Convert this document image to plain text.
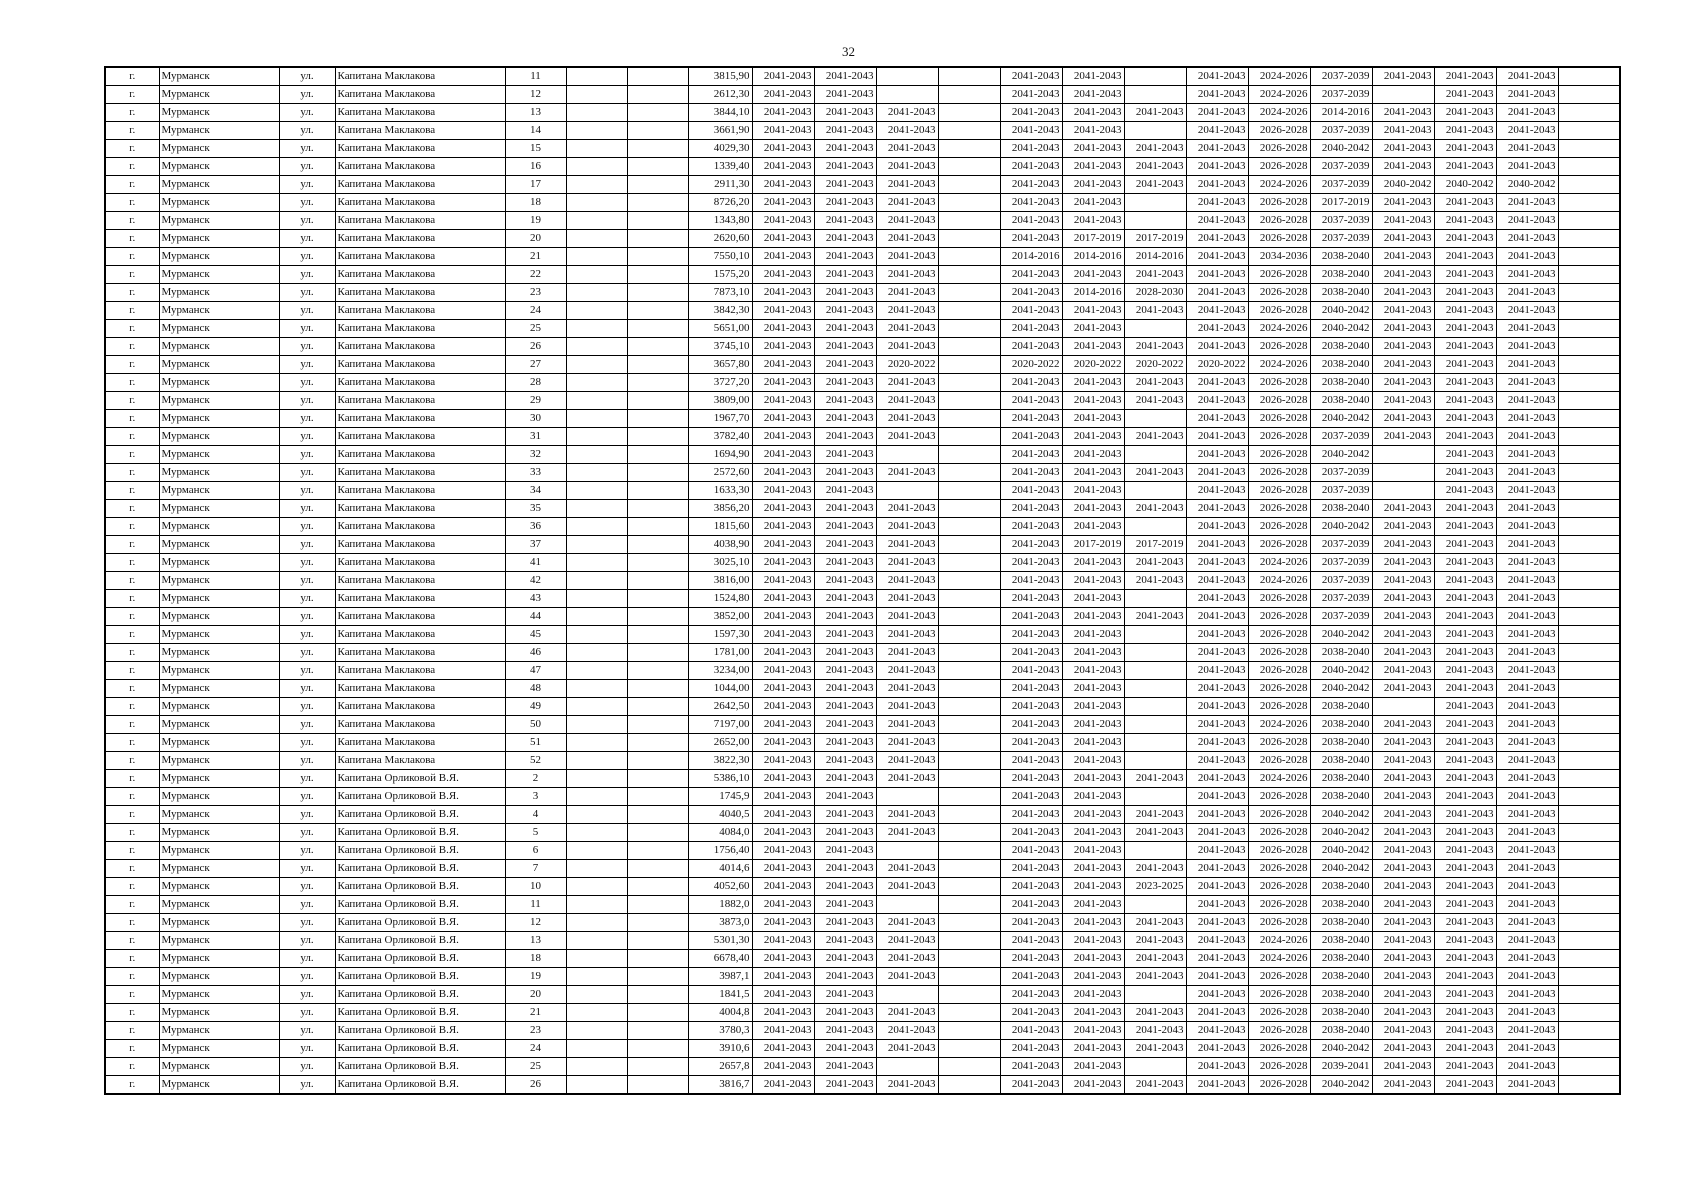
32
г.	Мурманск	ул.	Капитана Маклакова	11			3815,90	2041-2043	2041-2043			2041-2043	2041-2043		2041-2043	2024-2026	2037-2039	2041-2043	2041-2043	2041-2043	
г.	Мурманск	ул.	Капитана Маклакова	12			2612,30	2041-2043	2041-2043			2041-2043	2041-2043		2041-2043	2024-2026	2037-2039		2041-2043	2041-2043	
г.	Мурманск	ул.	Капитана Маклакова	13			3844,10	2041-2043	2041-2043	2041-2043		2041-2043	2041-2043	2041-2043	2041-2043	2024-2026	2014-2016	2041-2043	2041-2043	2041-2043	
г.	Мурманск	ул.	Капитана Маклакова	14			3661,90	2041-2043	2041-2043	2041-2043		2041-2043	2041-2043		2041-2043	2026-2028	2037-2039	2041-2043	2041-2043	2041-2043	
г.	Мурманск	ул.	Капитана Маклакова	15			4029,30	2041-2043	2041-2043	2041-2043		2041-2043	2041-2043	2041-2043	2041-2043	2026-2028	2040-2042	2041-2043	2041-2043	2041-2043	
г.	Мурманск	ул.	Капитана Маклакова	16			1339,40	2041-2043	2041-2043	2041-2043		2041-2043	2041-2043	2041-2043	2041-2043	2026-2028	2037-2039	2041-2043	2041-2043	2041-2043	
г.	Мурманск	ул.	Капитана Маклакова	17			2911,30	2041-2043	2041-2043	2041-2043		2041-2043	2041-2043	2041-2043	2041-2043	2024-2026	2037-2039	2040-2042	2040-2042	2040-2042	
г.	Мурманск	ул.	Капитана Маклакова	18			8726,20	2041-2043	2041-2043	2041-2043		2041-2043	2041-2043		2041-2043	2026-2028	2017-2019	2041-2043	2041-2043	2041-2043	
г.	Мурманск	ул.	Капитана Маклакова	19			1343,80	2041-2043	2041-2043	2041-2043		2041-2043	2041-2043		2041-2043	2026-2028	2037-2039	2041-2043	2041-2043	2041-2043	
г.	Мурманск	ул.	Капитана Маклакова	20			2620,60	2041-2043	2041-2043	2041-2043		2041-2043	2017-2019	2017-2019	2041-2043	2026-2028	2037-2039	2041-2043	2041-2043	2041-2043	
г.	Мурманск	ул.	Капитана Маклакова	21			7550,10	2041-2043	2041-2043	2041-2043		2014-2016	2014-2016	2014-2016	2041-2043	2034-2036	2038-2040	2041-2043	2041-2043	2041-2043	
г.	Мурманск	ул.	Капитана Маклакова	22			1575,20	2041-2043	2041-2043	2041-2043		2041-2043	2041-2043	2041-2043	2041-2043	2026-2028	2038-2040	2041-2043	2041-2043	2041-2043	
г.	Мурманск	ул.	Капитана Маклакова	23			7873,10	2041-2043	2041-2043	2041-2043		2041-2043	2014-2016	2028-2030	2041-2043	2026-2028	2038-2040	2041-2043	2041-2043	2041-2043	
г.	Мурманск	ул.	Капитана Маклакова	24			3842,30	2041-2043	2041-2043	2041-2043		2041-2043	2041-2043	2041-2043	2041-2043	2026-2028	2040-2042	2041-2043	2041-2043	2041-2043	
г.	Мурманск	ул.	Капитана Маклакова	25			5651,00	2041-2043	2041-2043	2041-2043		2041-2043	2041-2043		2041-2043	2024-2026	2040-2042	2041-2043	2041-2043	2041-2043	
г.	Мурманск	ул.	Капитана Маклакова	26			3745,10	2041-2043	2041-2043	2041-2043		2041-2043	2041-2043	2041-2043	2041-2043	2026-2028	2038-2040	2041-2043	2041-2043	2041-2043	
г.	Мурманск	ул.	Капитана Маклакова	27			3657,80	2041-2043	2041-2043	2020-2022		2020-2022	2020-2022	2020-2022	2020-2022	2024-2026	2038-2040	2041-2043	2041-2043	2041-2043	
г.	Мурманск	ул.	Капитана Маклакова	28			3727,20	2041-2043	2041-2043	2041-2043		2041-2043	2041-2043	2041-2043	2041-2043	2026-2028	2038-2040	2041-2043	2041-2043	2041-2043	
г.	Мурманск	ул.	Капитана Маклакова	29			3809,00	2041-2043	2041-2043	2041-2043		2041-2043	2041-2043	2041-2043	2041-2043	2026-2028	2038-2040	2041-2043	2041-2043	2041-2043	
г.	Мурманск	ул.	Капитана Маклакова	30			1967,70	2041-2043	2041-2043	2041-2043		2041-2043	2041-2043		2041-2043	2026-2028	2040-2042	2041-2043	2041-2043	2041-2043	
г.	Мурманск	ул.	Капитана Маклакова	31			3782,40	2041-2043	2041-2043	2041-2043		2041-2043	2041-2043	2041-2043	2041-2043	2026-2028	2037-2039	2041-2043	2041-2043	2041-2043	
г.	Мурманск	ул.	Капитана Маклакова	32			1694,90	2041-2043	2041-2043			2041-2043	2041-2043		2041-2043	2026-2028	2040-2042		2041-2043	2041-2043	
г.	Мурманск	ул.	Капитана Маклакова	33			2572,60	2041-2043	2041-2043	2041-2043		2041-2043	2041-2043	2041-2043	2041-2043	2026-2028	2037-2039		2041-2043	2041-2043	
г.	Мурманск	ул.	Капитана Маклакова	34			1633,30	2041-2043	2041-2043			2041-2043	2041-2043		2041-2043	2026-2028	2037-2039		2041-2043	2041-2043	
г.	Мурманск	ул.	Капитана Маклакова	35			3856,20	2041-2043	2041-2043	2041-2043		2041-2043	2041-2043	2041-2043	2041-2043	2026-2028	2038-2040	2041-2043	2041-2043	2041-2043	
г.	Мурманск	ул.	Капитана Маклакова	36			1815,60	2041-2043	2041-2043	2041-2043		2041-2043	2041-2043		2041-2043	2026-2028	2040-2042	2041-2043	2041-2043	2041-2043	
г.	Мурманск	ул.	Капитана Маклакова	37			4038,90	2041-2043	2041-2043	2041-2043		2041-2043	2017-2019	2017-2019	2041-2043	2026-2028	2037-2039	2041-2043	2041-2043	2041-2043	
г.	Мурманск	ул.	Капитана Маклакова	41			3025,10	2041-2043	2041-2043	2041-2043		2041-2043	2041-2043	2041-2043	2041-2043	2024-2026	2037-2039	2041-2043	2041-2043	2041-2043	
г.	Мурманск	ул.	Капитана Маклакова	42			3816,00	2041-2043	2041-2043	2041-2043		2041-2043	2041-2043	2041-2043	2041-2043	2024-2026	2037-2039	2041-2043	2041-2043	2041-2043	
г.	Мурманск	ул.	Капитана Маклакова	43			1524,80	2041-2043	2041-2043	2041-2043		2041-2043	2041-2043		2041-2043	2026-2028	2037-2039	2041-2043	2041-2043	2041-2043	
г.	Мурманск	ул.	Капитана Маклакова	44			3852,00	2041-2043	2041-2043	2041-2043		2041-2043	2041-2043	2041-2043	2041-2043	2026-2028	2037-2039	2041-2043	2041-2043	2041-2043	
г.	Мурманск	ул.	Капитана Маклакова	45			1597,30	2041-2043	2041-2043	2041-2043		2041-2043	2041-2043		2041-2043	2026-2028	2040-2042	2041-2043	2041-2043	2041-2043	
г.	Мурманск	ул.	Капитана Маклакова	46			1781,00	2041-2043	2041-2043	2041-2043		2041-2043	2041-2043		2041-2043	2026-2028	2038-2040	2041-2043	2041-2043	2041-2043	
г.	Мурманск	ул.	Капитана Маклакова	47			3234,00	2041-2043	2041-2043	2041-2043		2041-2043	2041-2043		2041-2043	2026-2028	2040-2042	2041-2043	2041-2043	2041-2043	
г.	Мурманск	ул.	Капитана Маклакова	48			1044,00	2041-2043	2041-2043	2041-2043		2041-2043	2041-2043		2041-2043	2026-2028	2040-2042	2041-2043	2041-2043	2041-2043	
г.	Мурманск	ул.	Капитана Маклакова	49			2642,50	2041-2043	2041-2043	2041-2043		2041-2043	2041-2043		2041-2043	2026-2028	2038-2040		2041-2043	2041-2043	
г.	Мурманск	ул.	Капитана Маклакова	50			7197,00	2041-2043	2041-2043	2041-2043		2041-2043	2041-2043		2041-2043	2024-2026	2038-2040	2041-2043	2041-2043	2041-2043	
г.	Мурманск	ул.	Капитана Маклакова	51			2652,00	2041-2043	2041-2043	2041-2043		2041-2043	2041-2043		2041-2043	2026-2028	2038-2040	2041-2043	2041-2043	2041-2043	
г.	Мурманск	ул.	Капитана Маклакова	52			3822,30	2041-2043	2041-2043	2041-2043		2041-2043	2041-2043		2041-2043	2026-2028	2038-2040	2041-2043	2041-2043	2041-2043	
г.	Мурманск	ул.	Капитана Орликовой В.Я.	2			5386,10	2041-2043	2041-2043	2041-2043		2041-2043	2041-2043	2041-2043	2041-2043	2024-2026	2038-2040	2041-2043	2041-2043	2041-2043	
г.	Мурманск	ул.	Капитана Орликовой В.Я.	3			1745,9	2041-2043	2041-2043			2041-2043	2041-2043		2041-2043	2026-2028	2038-2040	2041-2043	2041-2043	2041-2043	
г.	Мурманск	ул.	Капитана Орликовой В.Я.	4			4040,5	2041-2043	2041-2043	2041-2043		2041-2043	2041-2043	2041-2043	2041-2043	2026-2028	2040-2042	2041-2043	2041-2043	2041-2043	
г.	Мурманск	ул.	Капитана Орликовой В.Я.	5			4084,0	2041-2043	2041-2043	2041-2043		2041-2043	2041-2043	2041-2043	2041-2043	2026-2028	2040-2042	2041-2043	2041-2043	2041-2043	
г.	Мурманск	ул.	Капитана Орликовой В.Я.	6			1756,40	2041-2043	2041-2043			2041-2043	2041-2043		2041-2043	2026-2028	2040-2042	2041-2043	2041-2043	2041-2043	
г.	Мурманск	ул.	Капитана Орликовой В.Я.	7			4014,6	2041-2043	2041-2043	2041-2043		2041-2043	2041-2043	2041-2043	2041-2043	2026-2028	2040-2042	2041-2043	2041-2043	2041-2043	
г.	Мурманск	ул.	Капитана Орликовой В.Я.	10			4052,60	2041-2043	2041-2043	2041-2043		2041-2043	2041-2043	2023-2025	2041-2043	2026-2028	2038-2040	2041-2043	2041-2043	2041-2043	
г.	Мурманск	ул.	Капитана Орликовой В.Я.	11			1882,0	2041-2043	2041-2043			2041-2043	2041-2043		2041-2043	2026-2028	2038-2040	2041-2043	2041-2043	2041-2043	
г.	Мурманск	ул.	Капитана Орликовой В.Я.	12			3873,0	2041-2043	2041-2043	2041-2043		2041-2043	2041-2043	2041-2043	2041-2043	2026-2028	2038-2040	2041-2043	2041-2043	2041-2043	
г.	Мурманск	ул.	Капитана Орликовой В.Я.	13			5301,30	2041-2043	2041-2043	2041-2043		2041-2043	2041-2043	2041-2043	2041-2043	2024-2026	2038-2040	2041-2043	2041-2043	2041-2043	
г.	Мурманск	ул.	Капитана Орликовой В.Я.	18			6678,40	2041-2043	2041-2043	2041-2043		2041-2043	2041-2043	2041-2043	2041-2043	2024-2026	2038-2040	2041-2043	2041-2043	2041-2043	
г.	Мурманск	ул.	Капитана Орликовой В.Я.	19			3987,1	2041-2043	2041-2043	2041-2043		2041-2043	2041-2043	2041-2043	2041-2043	2026-2028	2038-2040	2041-2043	2041-2043	2041-2043	
г.	Мурманск	ул.	Капитана Орликовой В.Я.	20			1841,5	2041-2043	2041-2043			2041-2043	2041-2043		2041-2043	2026-2028	2038-2040	2041-2043	2041-2043	2041-2043	
г.	Мурманск	ул.	Капитана Орликовой В.Я.	21			4004,8	2041-2043	2041-2043	2041-2043		2041-2043	2041-2043	2041-2043	2041-2043	2026-2028	2038-2040	2041-2043	2041-2043	2041-2043	
г.	Мурманск	ул.	Капитана Орликовой В.Я.	23			3780,3	2041-2043	2041-2043	2041-2043		2041-2043	2041-2043	2041-2043	2041-2043	2026-2028	2038-2040	2041-2043	2041-2043	2041-2043	
г.	Мурманск	ул.	Капитана Орликовой В.Я.	24			3910,6	2041-2043	2041-2043	2041-2043		2041-2043	2041-2043	2041-2043	2041-2043	2026-2028	2040-2042	2041-2043	2041-2043	2041-2043	
г.	Мурманск	ул.	Капитана Орликовой В.Я.	25			2657,8	2041-2043	2041-2043			2041-2043	2041-2043		2041-2043	2026-2028	2039-2041	2041-2043	2041-2043	2041-2043	
г.	Мурманск	ул.	Капитана Орликовой В.Я.	26			3816,7	2041-2043	2041-2043	2041-2043		2041-2043	2041-2043	2041-2043	2041-2043	2026-2028	2040-2042	2041-2043	2041-2043	2041-2043	
